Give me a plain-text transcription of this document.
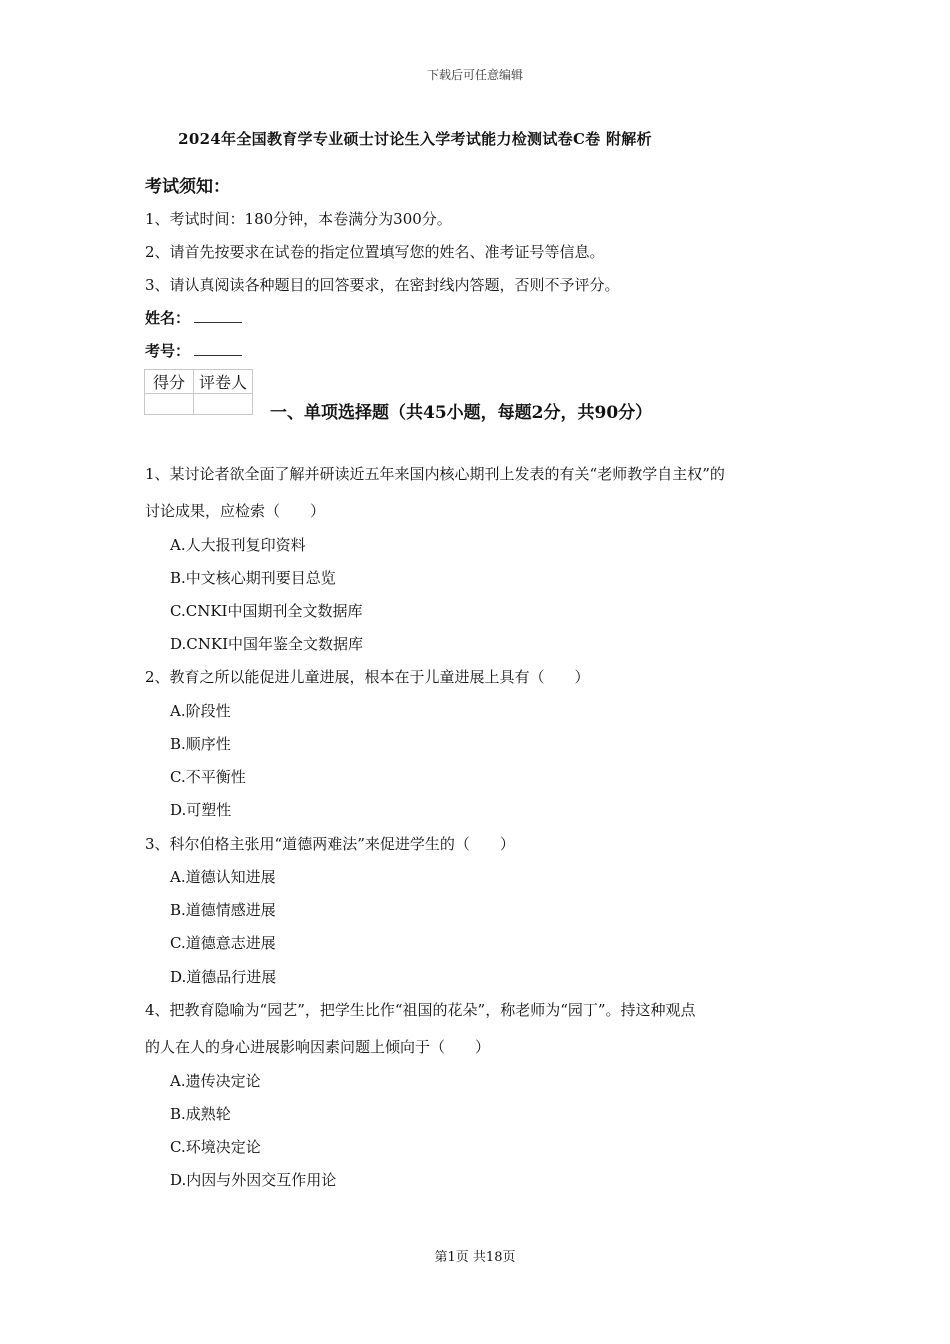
下载后可任意编辑
2024年全国教育学专业硕士讨论生入学考试能力检测试卷C卷 附解析
考试须知：
1、考试时间：180分钟，本卷满分为300分。
2、请首先按要求在试卷的指定位置填写您的姓名、准考证号等信息。
3、请认真阅读各种题目的回答要求，在密封线内答题，否则不予评分。
姓名：
考号：
得分	评卷人

一、单项选择题（共45小题，每题2分，共90分）
1、某讨论者欲全面了解并研读近五年来国内核心期刊上发表的有关“老师教学自主权”的
讨论成果，应检索（　　）
A.人大报刊复印资料
B.中文核心期刊要目总览
C.CNKI中国期刊全文数据库
D.CNKI中国年鉴全文数据库
2、教育之所以能促进儿童进展，根本在于儿童进展上具有（　　）
A.阶段性
B.顺序性
C.不平衡性
D.可塑性
3、科尔伯格主张用“道德两难法”来促进学生的（　　）
A.道德认知进展
B.道德情感进展
C.道德意志进展
D.道德品行进展
4、把教育隐喻为“园艺”，把学生比作“祖国的花朵”，称老师为“园丁”。持这种观点
的人在人的身心进展影响因素问题上倾向于（　　）
A.遗传决定论
B.成熟轮
C.环境决定论
D.内因与外因交互作用论
第1页 共18页
